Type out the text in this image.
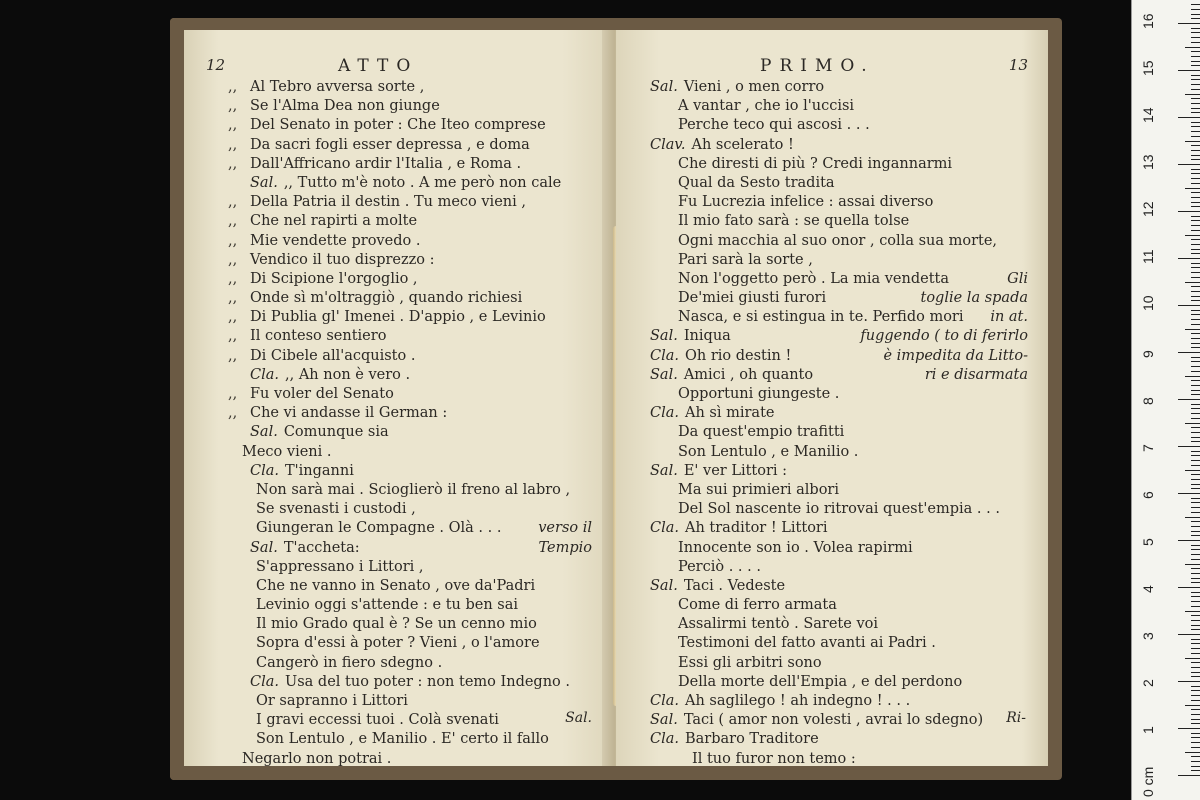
12	ATTO
,, Al Tebro avversa sorte ,
,, Se l'Alma Dea non giunge
,, Del Senato in poter : Che Iteo comprese
,, Da sacri fogli esser depressa , e doma
,, Dall'Affricano ardir l'Italia , e Roma .
Sal. ,, Tutto m'è noto . A me però non cale
,, Della Patria il destin . Tu meco vieni ,
,, Che nel rapirti a molte
,, Mie vendette provedo .
,, Vendico il tuo disprezzo :
,, Di Scipione l'orgoglio ,
,, Onde sì m'oltraggiò , quando richiesi
,, Di Publia gl' Imenei . D'appio , e Levinio
,, Il conteso sentiero
,, Di Cibele all'acquisto .
Cla. ,, Ah non è vero .
,, Fu voler del Senato
,, Che vi andasse il German :
Sal. Comunque sia
Meco vieni .
Cla. T'inganni
Non sarà mai . Scioglierò il freno al labro ,
Se svenasti i custodi ,
Giungeran le Compagne . Olà . . .	verso il
Sal. T'accheta:	Tempio
S'appressano i Littori ,
Che ne vanno in Senato , ove da'Padri
Levinio oggi s'attende : e tu ben sai
Il mio Grado qual è ? Se un cenno mio
Sopra d'essi à poter ? Vieni , o l'amore
Cangerò in fiero sdegno .
Cla. Usa del tuo poter : non temo Indegno .
Or sapranno i Littori
I gravi eccessi tuoi . Colà svenati
Son Lentulo , e Manilio . E' certo il fallo
Negarlo non potrai .
Sal.
PRIMO.	13
Sal. Vieni , o men corro
A vantar , che io l'uccisi
Perche teco qui ascosi . . .
Clav. Ah scelerato !
Che diresti di più ? Credi ingannarmi
Qual da Sesto tradita
Fu Lucrezia infelice : assai diverso
Il mio fato sarà : se quella tolse
Ogni macchia al suo onor , colla sua morte,
Pari sarà la sorte ,
Non l'oggetto però . La mia vendetta	Gli
De'miei giusti furori	toglie la spada
Nasca, e si estingua in te. Perfido mori in at.
Sal. Iniqua	fuggendo ( to di ferirlo
Cla. Oh rio destin !	è impedita da Litto-
Sal. Amici , oh quanto	ri e disarmata
Opportuni giungeste .
Cla. Ah sì mirate
Da quest'empio trafitti
Son Lentulo , e Manilio .
Sal. E' ver Littori :
Ma sui primieri albori
Del Sol nascente io ritrovai quest'empia . . .
Cla. Ah traditor ! Littori
Innocente son io . Volea rapirmi
Perciò . . . .
Sal. Taci . Vedeste
Come di ferro armata
Assalirmi tentò . Sarete voi
Testimoni del fatto avanti ai Padri .
Essi gli arbitri sono
Della morte dell'Empia , e del perdono
Cla. Ah saglilego ! ah indegno ! . . .
Sal. Taci ( amor non volesti , avrai lo sdegno)
Cla. Barbaro Traditore
Il tuo furor non temo :
Ri-
0 cm
1
2
3
4
5
6
7
8
9
10
11
12
13
14
15
16
